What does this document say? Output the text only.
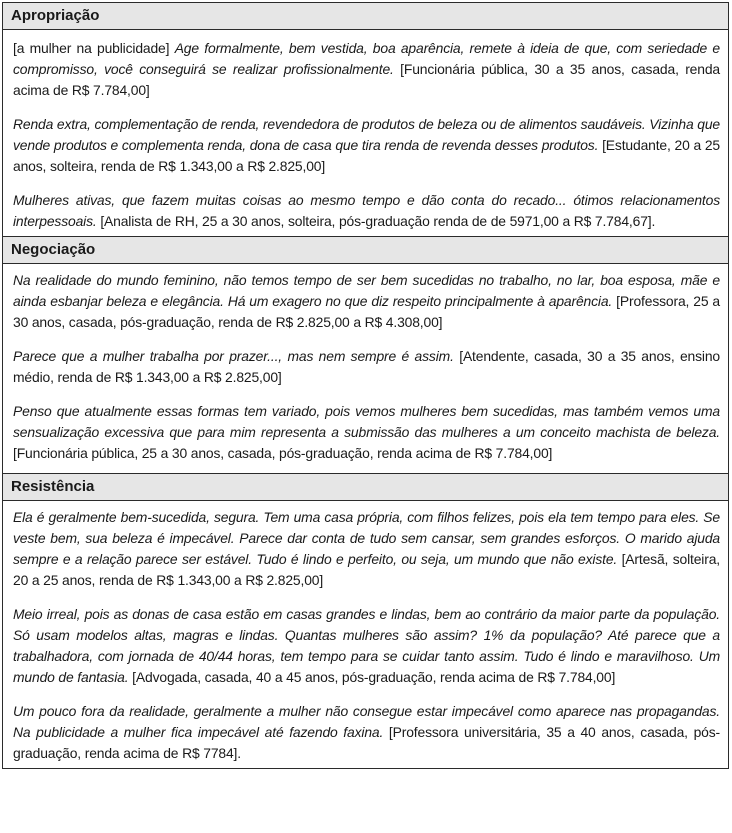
Apropriação

[a mulher na publicidade] Age formalmente, bem vestida, boa aparência, remete à ideia de que, com seriedade e compromisso, você conseguirá se realizar profissionalmente. [Funcionária pública, 30 a 35 anos, casada, renda acima de R$ 7.784,00]

Renda extra, complementação de renda, revendedora de produtos de beleza ou de alimentos saudáveis. Vizinha que vende produtos e complementa renda, dona de casa que tira renda de revenda desses produtos. [Estudante, 20 a 25 anos, solteira, renda de R$ 1.343,00 a R$ 2.825,00]

Mulheres ativas, que fazem muitas coisas ao mesmo tempo e dão conta do recado... ótimos relacionamentos interpessoais. [Analista de RH, 25 a 30 anos, solteira, pós-graduação renda de de 5971,00 a R$ 7.784,67].

Negociação

Na realidade do mundo feminino, não temos tempo de ser bem sucedidas no trabalho, no lar, boa esposa, mãe e ainda esbanjar beleza e elegância. Há um exagero no que diz respeito principalmente à aparência. [Professora, 25 a 30 anos, casada, pós-graduação, renda de R$ 2.825,00 a R$ 4.308,00]

Parece que a mulher trabalha por prazer..., mas nem sempre é assim. [Atendente, casada, 30 a 35 anos, ensino médio, renda de R$ 1.343,00 a R$ 2.825,00]

Penso que atualmente essas formas tem variado, pois vemos mulheres bem sucedidas, mas também vemos uma sensualização excessiva que para mim representa a submissão das mulheres a um conceito machista de beleza. [Funcionária pública, 25 a 30 anos, casada, pós-graduação, renda acima de R$ 7.784,00]

Resistência

Ela é geralmente bem-sucedida, segura. Tem uma casa própria, com filhos felizes, pois ela tem tempo para eles. Se veste bem, sua beleza é impecável. Parece dar conta de tudo sem cansar, sem grandes esforços. O marido ajuda sempre e a relação parece ser estável. Tudo é lindo e perfeito, ou seja, um mundo que não existe. [Artesã, solteira, 20 a 25 anos, renda de R$ 1.343,00 a R$ 2.825,00]

Meio irreal, pois as donas de casa estão em casas grandes e lindas, bem ao contrário da maior parte da população. Só usam modelos altas, magras e lindas. Quantas mulheres são assim? 1% da população? Até parece que a trabalhadora, com jornada de 40/44 horas, tem tempo para se cuidar tanto assim. Tudo é lindo e maravilhoso. Um mundo de fantasia. [Advogada, casada, 40 a 45 anos, pós-graduação, renda acima de R$ 7.784,00]

Um pouco fora da realidade, geralmente a mulher não consegue estar impecável como aparece nas propagandas. Na publicidade a mulher fica impecável até fazendo faxina. [Professora universitária, 35 a 40 anos, casada, pós-graduação, renda acima de R$ 7784].
